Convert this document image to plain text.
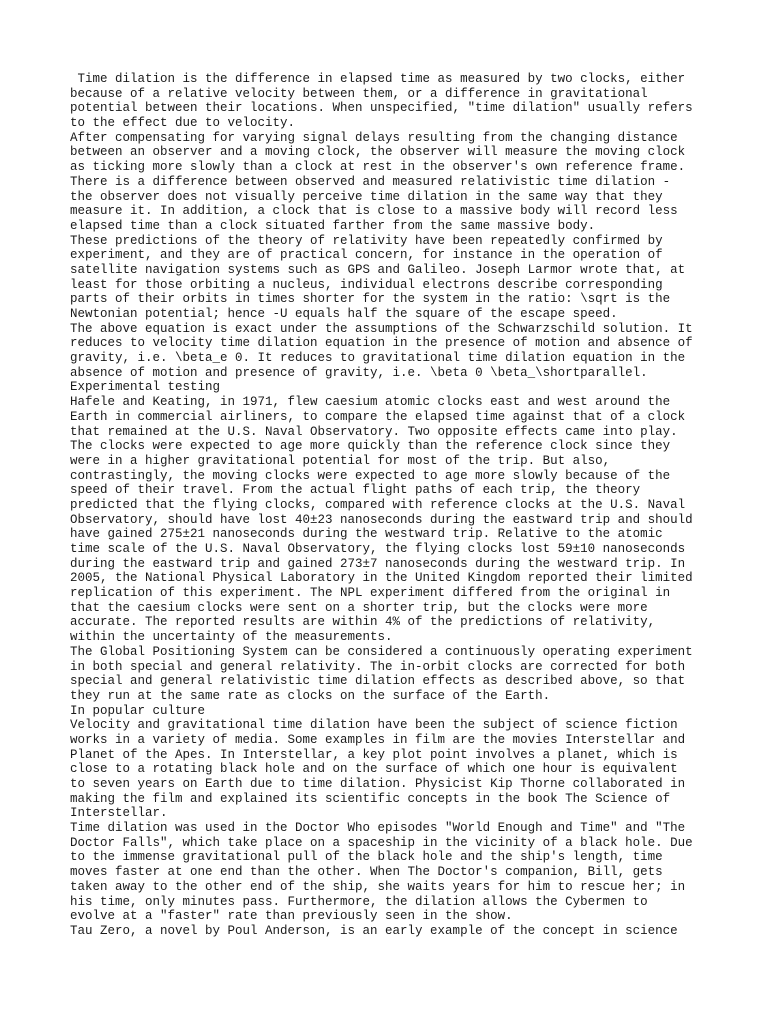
Time dilation is the difference in elapsed time as measured by two clocks, either
because of a relative velocity between them, or a difference in gravitational
potential between their locations. When unspecified, "time dilation" usually refers
to the effect due to velocity.
After compensating for varying signal delays resulting from the changing distance
between an observer and a moving clock, the observer will measure the moving clock
as ticking more slowly than a clock at rest in the observer's own reference frame.
There is a difference between observed and measured relativistic time dilation -
the observer does not visually perceive time dilation in the same way that they
measure it. In addition, a clock that is close to a massive body will record less
elapsed time than a clock situated farther from the same massive body.
These predictions of the theory of relativity have been repeatedly confirmed by
experiment, and they are of practical concern, for instance in the operation of
satellite navigation systems such as GPS and Galileo. Joseph Larmor wrote that, at
least for those orbiting a nucleus, individual electrons describe corresponding
parts of their orbits in times shorter for the system in the ratio: \sqrt is the
Newtonian potential; hence -U equals half the square of the escape speed.
The above equation is exact under the assumptions of the Schwarzschild solution. It
reduces to velocity time dilation equation in the presence of motion and absence of
gravity, i.e. \beta_e 0. It reduces to gravitational time dilation equation in the
absence of motion and presence of gravity, i.e. \beta 0 \beta_\shortparallel.
Experimental testing
Hafele and Keating, in 1971, flew caesium atomic clocks east and west around the
Earth in commercial airliners, to compare the elapsed time against that of a clock
that remained at the U.S. Naval Observatory. Two opposite effects came into play.
The clocks were expected to age more quickly than the reference clock since they
were in a higher gravitational potential for most of the trip. But also,
contrastingly, the moving clocks were expected to age more slowly because of the
speed of their travel. From the actual flight paths of each trip, the theory
predicted that the flying clocks, compared with reference clocks at the U.S. Naval
Observatory, should have lost 40±23 nanoseconds during the eastward trip and should
have gained 275±21 nanoseconds during the westward trip. Relative to the atomic
time scale of the U.S. Naval Observatory, the flying clocks lost 59±10 nanoseconds
during the eastward trip and gained 273±7 nanoseconds during the westward trip. In
2005, the National Physical Laboratory in the United Kingdom reported their limited
replication of this experiment. The NPL experiment differed from the original in
that the caesium clocks were sent on a shorter trip, but the clocks were more
accurate. The reported results are within 4% of the predictions of relativity,
within the uncertainty of the measurements.
The Global Positioning System can be considered a continuously operating experiment
in both special and general relativity. The in-orbit clocks are corrected for both
special and general relativistic time dilation effects as described above, so that
they run at the same rate as clocks on the surface of the Earth.
In popular culture
Velocity and gravitational time dilation have been the subject of science fiction
works in a variety of media. Some examples in film are the movies Interstellar and
Planet of the Apes. In Interstellar, a key plot point involves a planet, which is
close to a rotating black hole and on the surface of which one hour is equivalent
to seven years on Earth due to time dilation. Physicist Kip Thorne collaborated in
making the film and explained its scientific concepts in the book The Science of
Interstellar.
Time dilation was used in the Doctor Who episodes "World Enough and Time" and "The
Doctor Falls", which take place on a spaceship in the vicinity of a black hole. Due
to the immense gravitational pull of the black hole and the ship's length, time
moves faster at one end than the other. When The Doctor's companion, Bill, gets
taken away to the other end of the ship, she waits years for him to rescue her; in
his time, only minutes pass. Furthermore, the dilation allows the Cybermen to
evolve at a "faster" rate than previously seen in the show.
Tau Zero, a novel by Poul Anderson, is an early example of the concept in science
